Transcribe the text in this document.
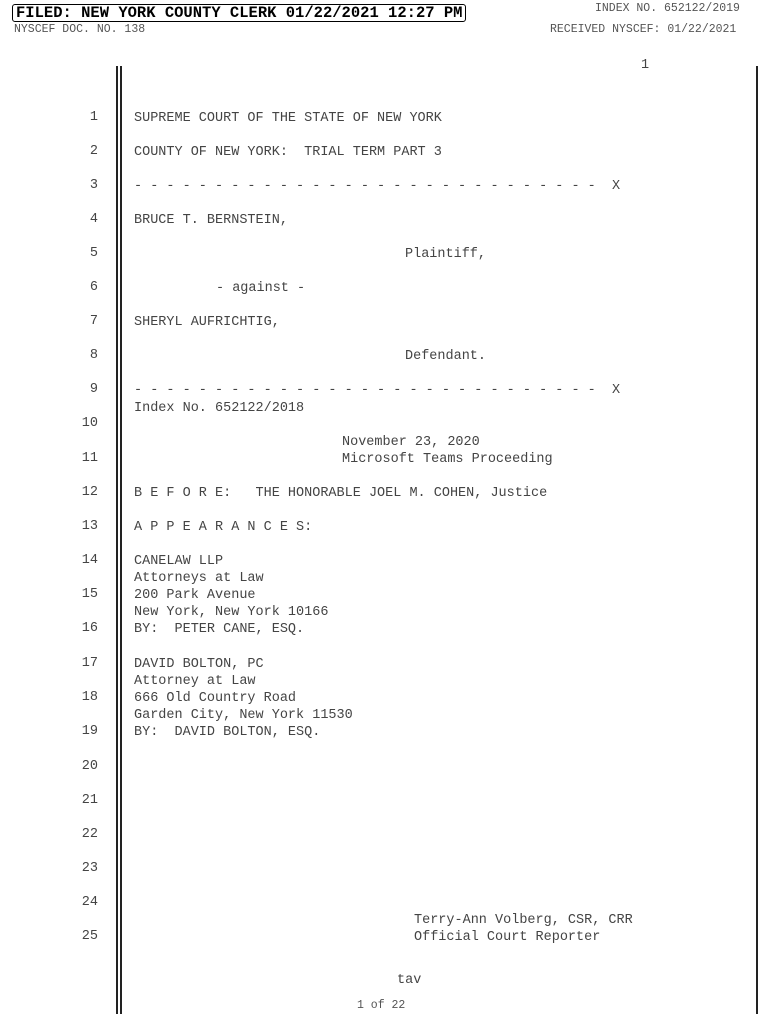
FILED: NEW YORK COUNTY CLERK 01/22/2021 12:27 PM	INDEX NO. 652122/2019
NYSCEF DOC. NO. 138	RECEIVED NYSCEF: 01/22/2021
1
1
2
3
4
5
6
7
8
9
10
11
12
13
14
15
16
17
18
19
20
21
22
23
24
25
SUPREME COURT OF THE STATE OF NEW YORK
COUNTY OF NEW YORK:  TRIAL TERM PART 3
- - - - - - - - - - - - - - - - - - - - - - - - - - - - -  X
BRUCE T. BERNSTEIN,
Plaintiff,
- against -
SHERYL AUFRICHTIG,
Defendant.
- - - - - - - - - - - - - - - - - - - - - - - - - - - - -  X
Index No. 652122/2018
November 23, 2020
Microsoft Teams Proceeding
B E F O R E:   THE HONORABLE JOEL M. COHEN, Justice
A P P E A R A N C E S:
CANELAW LLP
Attorneys at Law
200 Park Avenue
New York, New York 10166
BY:  PETER CANE, ESQ.
DAVID BOLTON, PC
Attorney at Law
666 Old Country Road
Garden City, New York 11530
BY:  DAVID BOLTON, ESQ.
Terry-Ann Volberg, CSR, CRR
Official Court Reporter
tav
1 of 22
